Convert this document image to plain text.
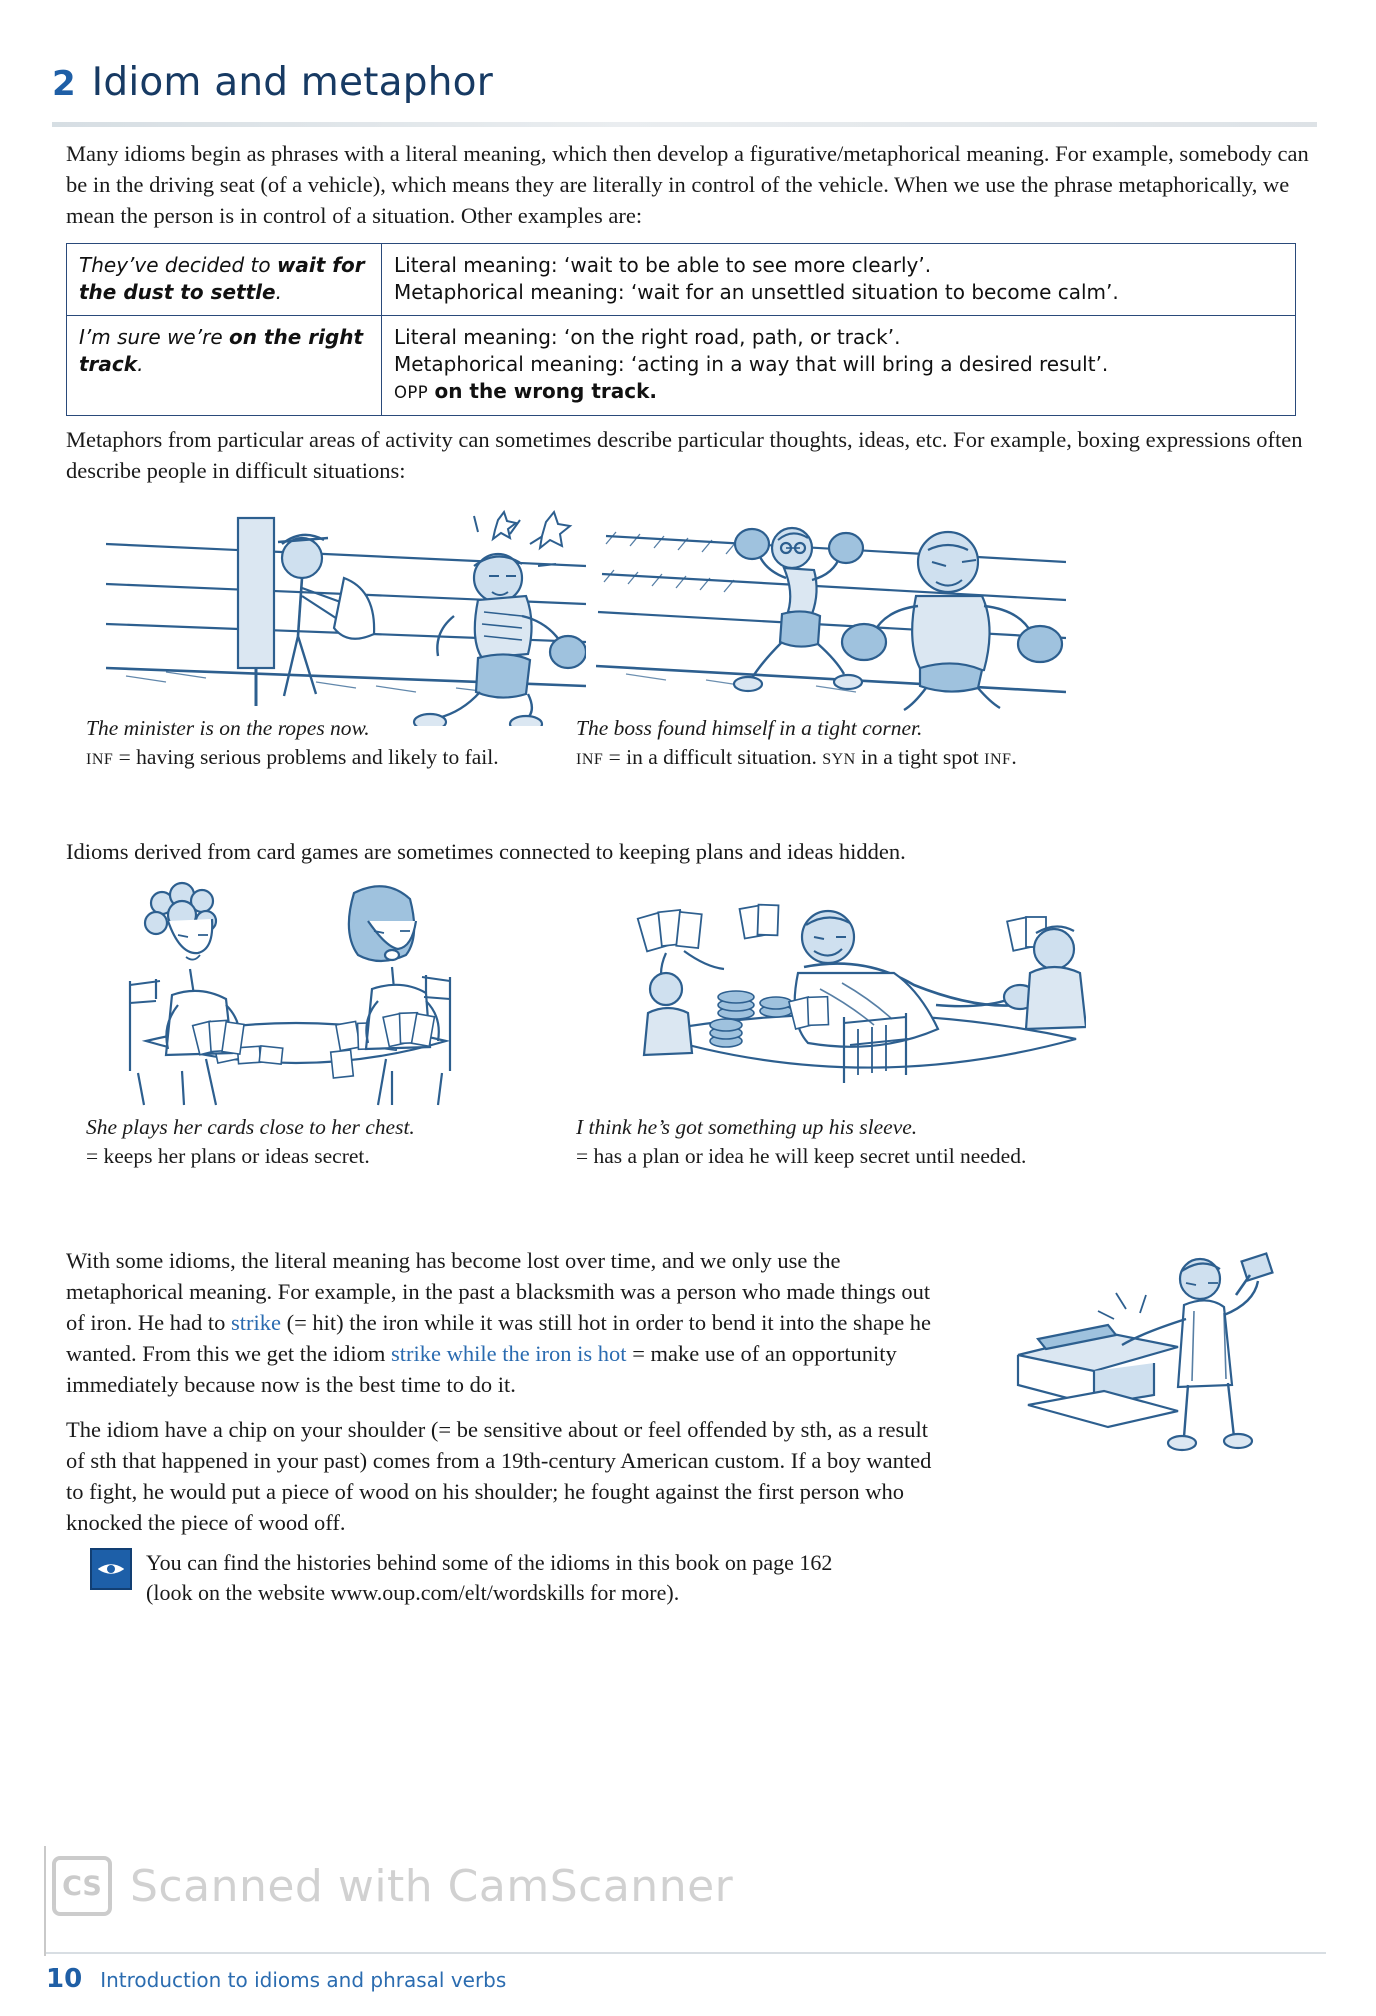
2 Idiom and metaphor

Many idioms begin as phrases with a literal meaning, which then develop a figurative/metaphorical meaning. For example, somebody can be in the driving seat (of a vehicle), which means they are literally in control of the vehicle. When we use the phrase metaphorically, we mean the person is in control of a situation. Other examples are:

They’ve decided to wait for the dust to settle.	Literal meaning: ‘wait to be able to see more clearly’.
Metaphorical meaning: ‘wait for an unsettled situation to become calm’.

I’m sure we’re on the right track.	Literal meaning: ‘on the right road, path, or track’.
Metaphorical meaning: ‘acting in a way that will bring a desired result’.
OPP on the wrong track.

Metaphors from particular areas of activity can sometimes describe particular thoughts, ideas, etc. For example, boxing expressions often describe people in difficult situations:

The minister is on the ropes now.
INF = having serious problems and likely to fail.
The boss found himself in a tight corner.
INF = in a difficult situation. SYN in a tight spot INF.

Idioms derived from card games are sometimes connected to keeping plans and ideas hidden.

She plays her cards close to her chest.
= keeps her plans or ideas secret.
I think he’s got something up his sleeve.
= has a plan or idea he will keep secret until needed.

With some idioms, the literal meaning has become lost over time, and we only use the metaphorical meaning. For example, in the past a blacksmith was a person who made things out of iron. He had to strike (= hit) the iron while it was still hot in order to bend it into the shape he wanted. From this we get the idiom strike while the iron is hot = make use of an opportunity immediately because now is the best time to do it.

The idiom have a chip on your shoulder (= be sensitive about or feel offended by sth, as a result of sth that happened in your past) comes from a 19th-century American custom. If a boy wanted to fight, he would put a piece of wood on his shoulder; he fought against the first person who knocked the piece of wood off.

You can find the histories behind some of the idioms in this book on page 162
(look on the website www.oup.com/elt/wordskills for more).
CS Scanned with CamScanner
10 Introduction to idioms and phrasal verbs
